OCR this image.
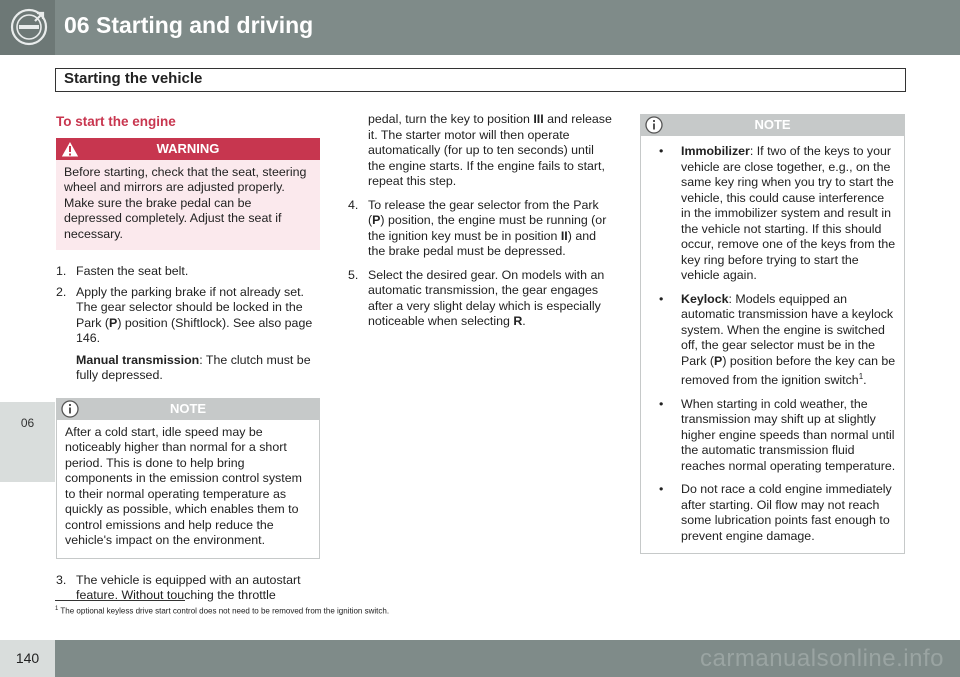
06 Starting and driving
06
Starting the vehicle
To start the engine
WARNING
Before starting, check that the seat, steering wheel and mirrors are adjusted properly. Make sure the brake pedal can be depressed completely. Adjust the seat if necessary.
1. Fasten the seat belt.
2. Apply the parking brake if not already set. The gear selector should be locked in the Park (P) position (Shiftlock). See also page 146.
Manual transmission: The clutch must be fully depressed.
NOTE
After a cold start, idle speed may be noticeably higher than normal for a short period. This is done to help bring components in the emission control system to their normal operating temperature as quickly as possible, which enables them to control emissions and help reduce the vehicle's impact on the environment.
3. The vehicle is equipped with an autostart feature. Without touching the throttle
pedal, turn the key to position III and release it. The starter motor will then operate automatically (for up to ten seconds) until the engine starts. If the engine fails to start, repeat this step.
4. To release the gear selector from the Park (P) position, the engine must be running (or the ignition key must be in position II) and the brake pedal must be depressed.
5. Select the desired gear. On models with an automatic transmission, the gear engages after a very slight delay which is especially noticeable when selecting R.
NOTE
• Immobilizer: If two of the keys to your vehicle are close together, e.g., on the same key ring when you try to start the vehicle, this could cause interference in the immobilizer system and result in the vehicle not starting. If this should occur, remove one of the keys from the key ring before trying to start the vehicle again.
• Keylock: Models equipped an automatic transmission have a keylock system. When the engine is switched off, the gear selector must be in the Park (P) position before the key can be removed from the ignition switch$^1$.
• When starting in cold weather, the transmission may shift up at slightly higher engine speeds than normal until the automatic transmission fluid reaches normal operating temperature.
• Do not race a cold engine immediately after starting. Oil flow may not reach some lubrication points fast enough to prevent engine damage.
$^1$ The optional keyless drive start control does not need to be removed from the ignition switch.
140	carmanualsonline.info
